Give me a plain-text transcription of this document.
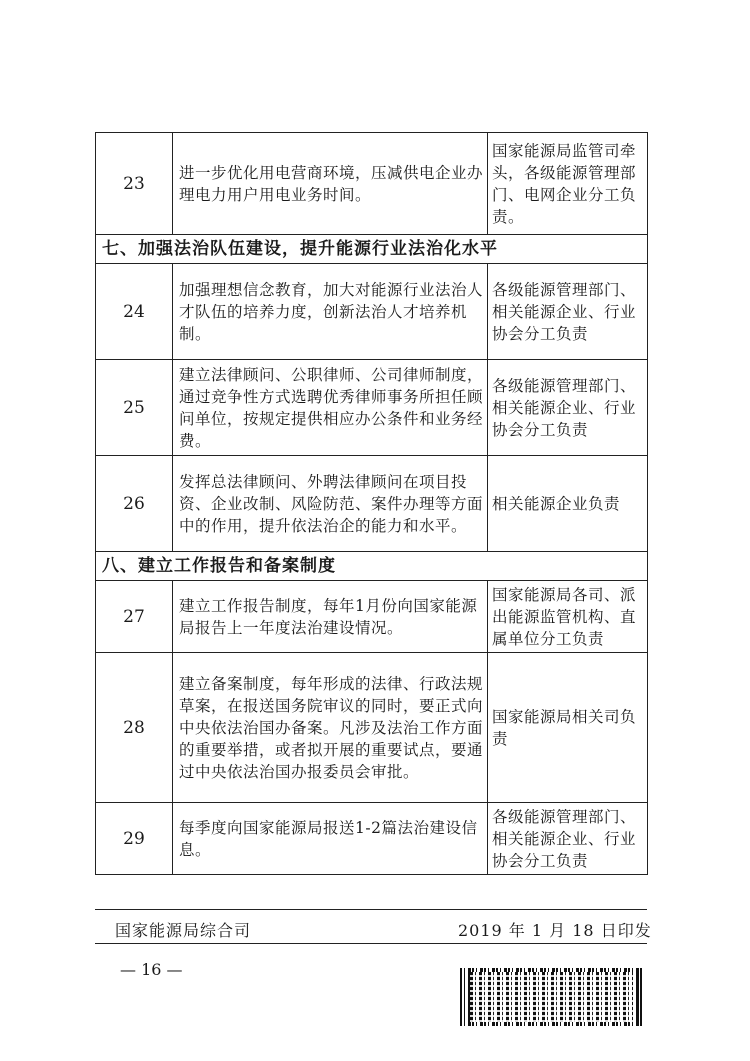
23	进一步优化用电营商环境，压减供电企业办理电力用户用电业务时间。	国家能源局监管司牵头，各级能源管理部门、电网企业分工负责。
七、加强法治队伍建设，提升能源行业法治化水平		
24	加强理想信念教育，加大对能源行业法治人才队伍的培养力度，创新法治人才培养机制。	各级能源管理部门、相关能源企业、行业协会分工负责
25	建立法律顾问、公职律师、公司律师制度，通过竞争性方式选聘优秀律师事务所担任顾问单位，按规定提供相应办公条件和业务经费。	各级能源管理部门、相关能源企业、行业协会分工负责
26	发挥总法律顾问、外聘法律顾问在项目投资、企业改制、风险防范、案件办理等方面中的作用，提升依法治企的能力和水平。	相关能源企业负责
八、建立工作报告和备案制度		
27	建立工作报告制度，每年1月份向国家能源局报告上一年度法治建设情况。	国家能源局各司、派出能源监管机构、直属单位分工负责
28	建立备案制度，每年形成的法律、行政法规草案，在报送国务院审议的同时，要正式向中央依法治国办备案。凡涉及法治工作方面的重要举措，或者拟开展的重要试点，要通过中央依法治国办报委员会审批。	国家能源局相关司负责
29	每季度向国家能源局报送1-2篇法治建设信息。	各级能源管理部门、相关能源企业、行业协会分工负责
国家能源局综合司	2019 年 1 月 18 日印发
— 16 —
